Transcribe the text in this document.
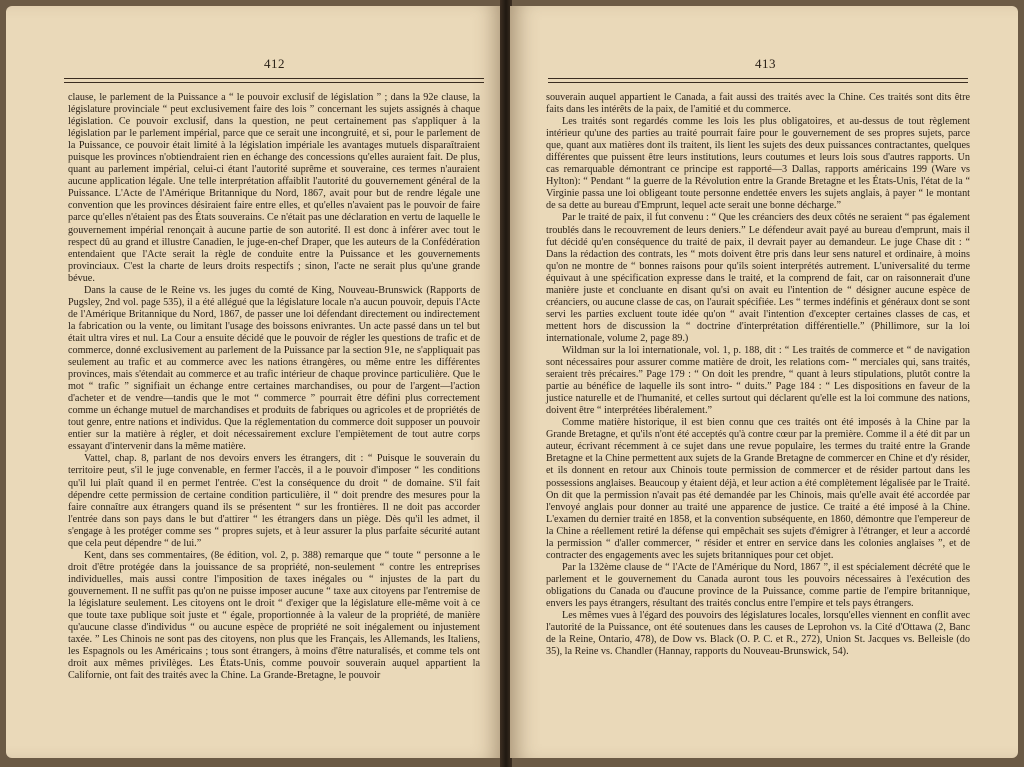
412

clause, le parlement de la Puissance a “ le pouvoir exclusif de législation ” ; dans la 92e clause, la législature provinciale “ peut exclusivement faire des lois ” concernant les sujets assignés à chaque législation. Ce pouvoir exclusif, dans la question, ne peut certainement pas s'appliquer à la législation par le parlement impérial, parce que ce serait une incongruité, et si, pour le parlement de la Puissance, ce pouvoir était limité à la législation impériale les avantages mutuels disparaîtraient puisque les provinces n'obtiendraient rien en échange des concessions qu'elles auraient fait. De plus, quant au parlement impérial, celui-ci étant l'autorité suprême et souveraine, ces termes n'auraient aucune application légale. Une telle interprétation affaiblit l'autorité du gouvernement général de la Puissance. L'Acte de l'Amérique Britannique du Nord, 1867, avait pour but de rendre légale une convention que les provinces désiraient faire entre elles, et qu'elles n'avaient pas le pouvoir de faire parce qu'elles n'étaient pas des États souverains. Ce n'était pas une déclaration en vertu de laquelle le gouvernement impérial renonçait à aucune partie de son autorité. Il est donc à inférer avec tout le respect dû au grand et illustre Canadien, le juge-en-chef Draper, que les auteurs de la Confédération entendaient que l'Acte serait la règle de conduite entre la Puissance et les gouvernements provinciaux. C'est la charte de leurs droits respectifs ; sinon, l'acte ne serait plus qu'une grande bévue.

Dans la cause de le Reine vs. les juges du comté de King, Nouveau-Brunswick (Rapports de Pugsley, 2nd vol. page 535), il a été allégué que la législature locale n'a aucun pouvoir, depuis l'Acte de l'Amérique Britannique du Nord, 1867, de passer une loi défendant directement ou indirectement la fabrication ou la vente, ou limitant l'usage des boissons enivrantes. Un acte passé dans un tel but était ultra vires et nul. La Cour a ensuite décidé que le pouvoir de régler les questions de trafic et de commerce, donné exclusivement au parlement de la Puissance par la section 91e, ne s'appliquait pas seulement au trafic et au commerce avec les nations étrangères, ou même entre les différentes provinces, mais s'étendait au commerce et au trafic intérieur de chaque province particulière. Que le mot “ trafic ” signifiait un échange entre certaines marchandises, ou pour de l'argent—l'action d'acheter et de vendre—tandis que le mot “ commerce ” pourrait être défini plus correctement comme un échange mutuel de marchandises et produits de fabriques ou agricoles et de propriétés de tout genre, entre nations et individus. Que la réglementation du commerce doit supposer un pouvoir entier sur la matière à régler, et doit nécessairement exclure l'empiètement de tout autre corps essayant d'intervenir dans la même matière.

Vattel, chap. 8, parlant de nos devoirs envers les étrangers, dit : “ Puisque le souverain du territoire peut, s'il le juge convenable, en fermer l'accès, il a le pouvoir d'imposer “ les conditions qu'il lui plaît quand il en permet l'entrée. C'est la conséquence du droit “ de domaine. S'il fait dépendre cette permission de certaine condition particulière, il “ doit prendre des mesures pour la faire connaître aux étrangers quand ils se présentent “ sur les frontières. Il ne doit pas accorder l'entrée dans son pays dans le but d'attirer “ les étrangers dans un piège. Dès qu'il les admet, il s'engage à les protéger comme ses “ propres sujets, et à leur assurer la plus parfaite sécurité autant que cela peut dépendre “ de lui.”

Kent, dans ses commentaires, (8e édition, vol. 2, p. 388) remarque que “ toute “ personne a le droit d'être protégée dans la jouissance de sa propriété, non-seulement “ contre les entreprises individuelles, mais aussi contre l'imposition de taxes inégales ou “ injustes de la part du gouvernement. Il ne suffit pas qu'on ne puisse imposer aucune “ taxe aux citoyens par l'entremise de la législature seulement. Les citoyens ont le droit “ d'exiger que la législature elle-même voit à ce que toute taxe publique soit juste et “ égale, proportionnée à la valeur de la propriété, de manière qu'aucune classe d'individus “ ou aucune espèce de propriété ne soit inégalement ou injustement taxée. ” Les Chinois ne sont pas des citoyens, non plus que les Français, les Allemands, les Italiens, les Espagnols ou les Américains ; tous sont étrangers, à moins d'être naturalisés, et comme tels ont droit aux mêmes privilèges. Les États-Unis, comme pouvoir souverain auquel appartient la Californie, ont fait des traités avec la Chine. La Grande-Bretagne, le pouvoir

413

souverain auquel appartient le Canada, a fait aussi des traités avec la Chine. Ces traités sont dits être faits dans les intérêts de la paix, de l'amitié et du commerce.

Les traités sont regardés comme les lois les plus obligatoires, et au-dessus de tout règlement intérieur qu'une des parties au traité pourrait faire pour le gouvernement de ses propres sujets, parce que, quant aux matières dont ils traitent, ils lient les sujets des deux puissances contractantes, quelques différentes que puissent être leurs institutions, leurs coutumes et leurs lois sous d'autres rapports. Un cas remarquable démontrant ce principe est rapporté—3 Dallas, rapports américains 199 (Ware vs Hylton): “ Pendant “ la guerre de la Révolution entre la Grande Bretagne et les États-Unis, l'état de la “ Virginie passa une loi obligeant toute personne endettée envers les sujets anglais, à payer “ le montant de sa dette au bureau d'Emprunt, lequel acte serait une bonne décharge.”

Par le traité de paix, il fut convenu : “ Que les créanciers des deux côtés ne seraient “ pas également troublés dans le recouvrement de leurs deniers.” Le défendeur avait payé au bureau d'emprunt, mais il fut décidé qu'en conséquence du traité de paix, il devrait payer au demandeur. Le juge Chase dit : “ Dans la rédaction des contrats, les “ mots doivent être pris dans leur sens naturel et ordinaire, à moins qu'on ne montre de “ bonnes raisons pour qu'ils soient interprétés autrement. L'universalité du terme équivaut à une spécification expresse dans le traité, et la comprend de fait, car on raisonnerait d'une manière juste et concluante en disant qu'si on avait eu l'intention de “ désigner aucune espèce de créanciers, ou aucune classe de cas, on l'aurait spécifiée. Les “ termes indéfinis et généraux dont se sont servi les parties excluent toute idée qu'on “ avait l'intention d'excepter certaines classes de cas, et mettent hors de discussion la “ doctrine d'interprétation différentielle.” (Phillimore, sur la loi internationale, volume 2, page 89.)

Wildman sur la loi internationale, vol. 1, p. 188, dit : “ Les traités de commerce et “ de navigation sont nécessaires pour assurer comme matière de droit, les relations com- “ merciales qui, sans traités, seraient très précaires.” Page 179 : “ On doit les prendre, “ quant à leurs stipulations, plutôt contre la partie au bénéfice de laquelle ils sont intro- “ duits.” Page 184 : “ Les dispositions en faveur de la justice naturelle et de l'humanité, et celles surtout qui déclarent qu'elle est la loi commune des nations, doivent être “ interprétées libéralement.”

Comme matière historique, il est bien connu que ces traités ont été imposés à la Chine par la Grande Bretagne, et qu'ils n'ont été acceptés qu'à contre cœur par la première. Comme il a été dit par un auteur, écrivant récemment à ce sujet dans une revue populaire, les termes du traité entre la Grande Bretagne et la Chine permettent aux sujets de la Grande Bretagne de commercer en Chine et d'y résider, et ils donnent en retour aux Chinois toute permission de commercer et de résider partout dans les possessions anglaises. Beaucoup y étaient déjà, et leur action a été complètement légalisée par le Traité. On dit que la permission n'avait pas été demandée par les Chinois, mais qu'elle avait été accordée par l'envoyé anglais pour donner au traité une apparence de justice. Ce traité a été imposé à la Chine. L'examen du dernier traité en 1858, et la convention subséquente, en 1860, démontre que l'empereur de la Chine a réellement retiré la défense qui empêchait ses sujets d'émigrer à l'étranger, et leur a accordé la permission “ d'aller commercer, “ résider et entrer en service dans les colonies anglaises ”, et de contracter des engagements avec les sujets britanniques pour cet objet.

Par la 132ème clause de “ l'Acte de l'Amérique du Nord, 1867 ”, il est spécialement décrété que le parlement et le gouvernement du Canada auront tous les pouvoirs nécessaires à l'exécution des obligations du Canada ou d'aucune province de la Puissance, comme partie de l'empire britannique, envers les pays étrangers, résultant des traités conclus entre l'empire et tels pays étrangers.

Les mêmes vues à l'égard des pouvoirs des législatures locales, lorsqu'elles viennent en conflit avec l'autorité de la Puissance, ont été soutenues dans les causes de Leprohon vs. la Cité d'Ottawa (2, Banc de la Reine, Ontario, 478), de Dow vs. Black (O. P. C. et R., 272), Union St. Jacques vs. Belleisle (do 35), la Reine vs. Chandler (Hannay, rapports du Nouveau-Brunswick, 54).
